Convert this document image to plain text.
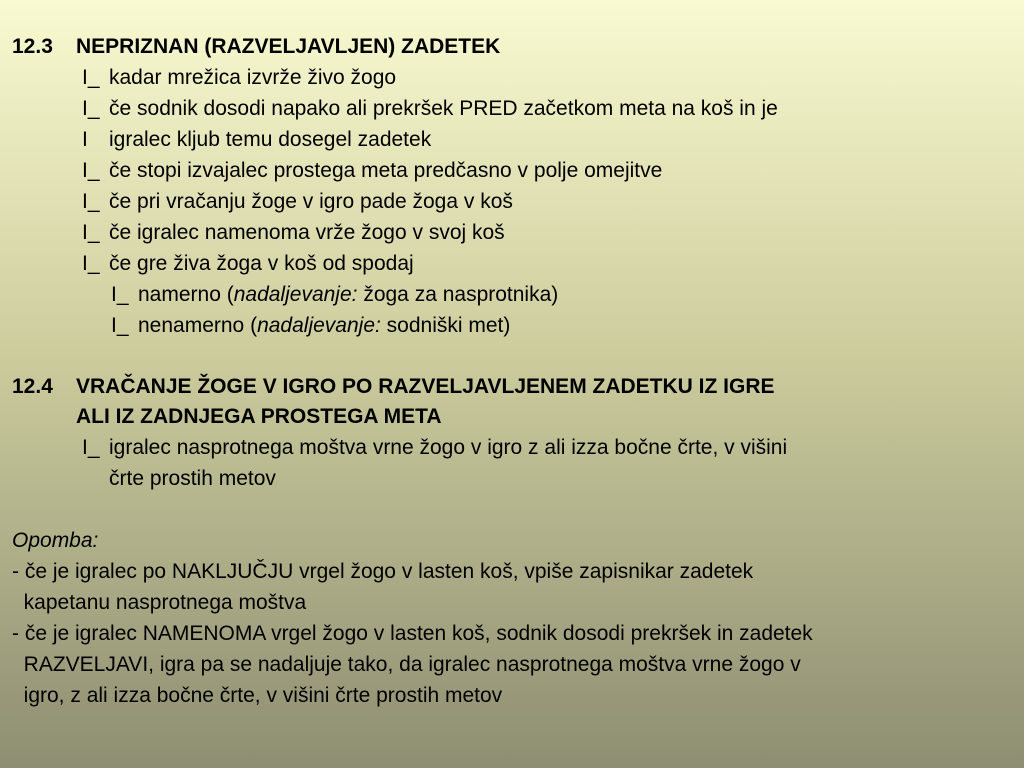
12.3 NEPRIZNAN (RAZVELJAVLJEN) ZADETEK
I_ kadar mrežica izvrže živo žogo
I_ če sodnik dosodi napako ali prekršek PRED začetkom meta na koš in je
I igralec kljub temu dosegel zadetek
I_ če stopi izvajalec prostega meta predčasno v polje omejitve
I_ če pri vračanju žoge v igro pade žoga v koš
I_ če igralec namenoma vrže žogo v svoj koš
I_ če gre živa žoga v koš od spodaj
I_ namerno (nadaljevanje: žoga za nasprotnika)
I_ nenamerno (nadaljevanje: sodniški met)
12.4 VRAČANJE ŽOGE V IGRO PO RAZVELJAVLJENEM ZADETKU IZ IGRE
ALI IZ ZADNJEGA PROSTEGA META
I_ igralec nasprotnega moštva vrne žogo v igro z ali izza bočne črte, v višini
črte prostih metov
Opomba:
- če je igralec po NAKLJUČJU vrgel žogo v lasten koš, vpiše zapisnikar zadetek
kapetanu nasprotnega moštva
- če je igralec NAMENOMA vrgel žogo v lasten koš, sodnik dosodi prekršek in zadetek
RAZVELJAVI, igra pa se nadaljuje tako, da igralec nasprotnega moštva vrne žogo v
igro, z ali izza bočne črte, v višini črte prostih metov
